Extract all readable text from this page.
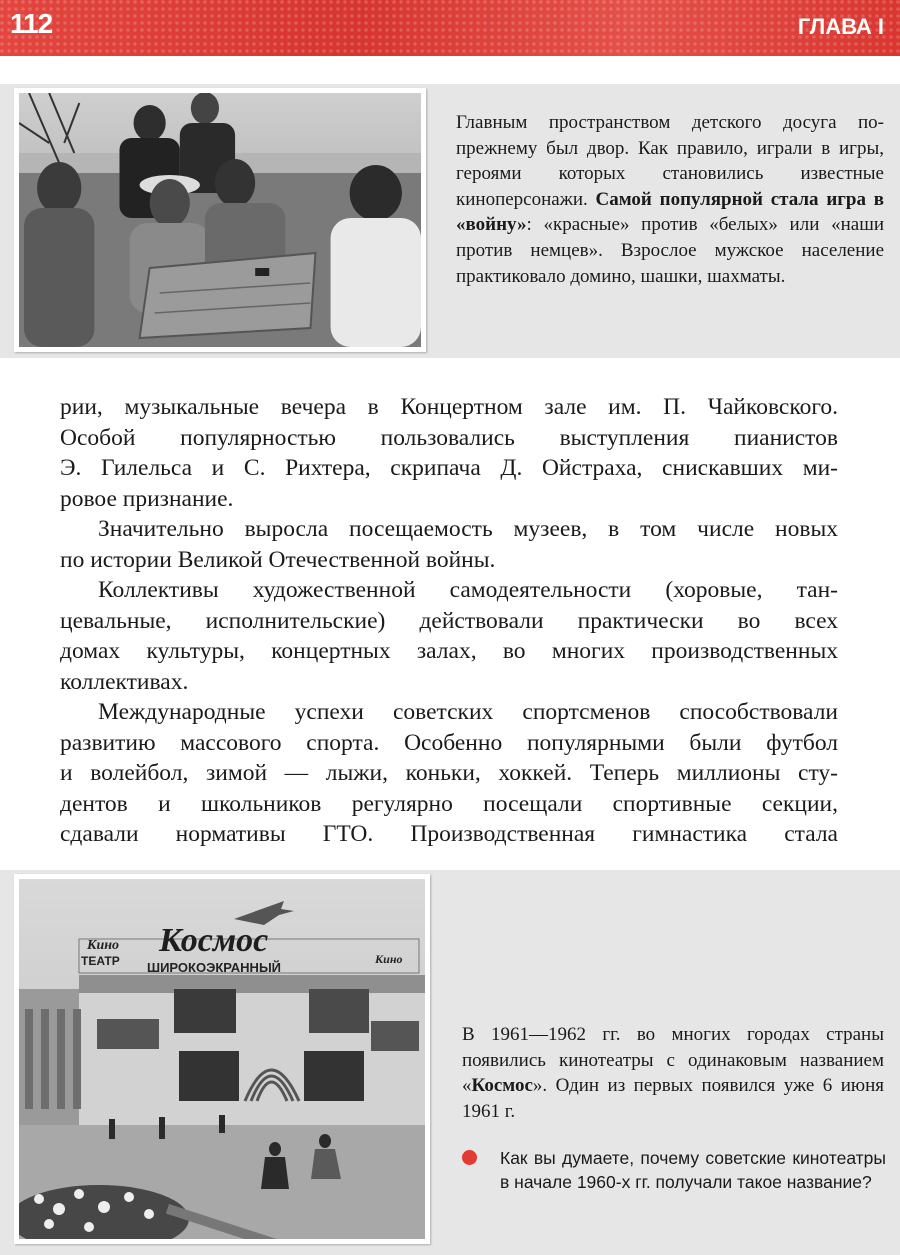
112	ГЛАВА I
Главным пространством детского досуга по-прежнему был двор. Как правило, играли в игры, героями которых становились известные киноперсонажи. Самой популярной стала игра в «войну»: «красные» против «белых» или «наши против немцев». Взрослое мужское население практиковало домино, шашки, шахматы.

рии, музыкальные вечера в Концертном зале им. П. Чайковского.

Особой популярностью пользовались выступления пианистов

Э. Гилельса и С. Рихтера, скрипача Д. Ойстраха, снискавших ми-

ровое признание.

Значительно выросла посещаемость музеев, в том числе новых

по истории Великой Отечественной войны.

Коллективы художественной самодеятельности (хоровые, тан-

цевальные, исполнительские) действовали практически во всех

домах культуры, концертных залах, во многих производственных

коллективах.

Международные успехи советских спортсменов способствовали

развитию массового спорта. Особенно популярными были футбол

и волейбол, зимой — лыжи, коньки, хоккей. Теперь миллионы сту-

дентов и школьников регулярно посещали спортивные секции,

сдавали нормативы ГТО. Производственная гимнастика стала

Кино
ТЕАТР
Космос
ШИРОКОЭКРАННЫЙ
Кино
В 1961—1962 гг. во многих городах страны появились кинотеатры с одинаковым названием «Космос». Один из первых появился уже 6 июня 1961 г.
Как вы думаете, почему советские кинотеатры в начале 1960-х гг. получали такое название?
